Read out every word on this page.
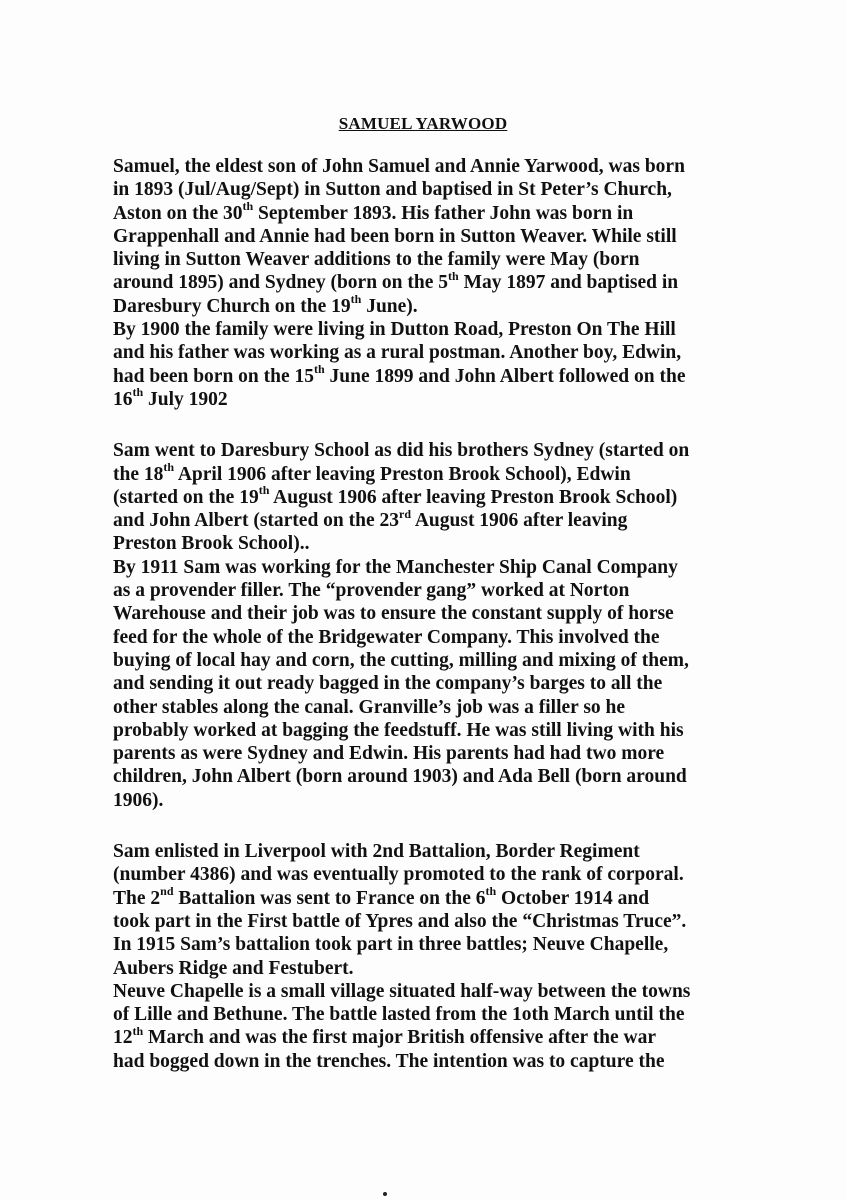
SAMUEL YARWOOD
Samuel, the eldest son of John Samuel and Annie Yarwood, was born
in 1893 (Jul/Aug/Sept) in Sutton and baptised in St Peter’s Church,
Aston on the 30th September 1893. His father John was born in
Grappenhall and Annie had been born in Sutton Weaver. While still
living in Sutton Weaver additions to the family were May (born
around 1895) and Sydney (born on the 5th May 1897 and baptised in
Daresbury Church on the 19th June).
By 1900 the family were living in Dutton Road, Preston On The Hill
and his father was working as a rural postman. Another boy, Edwin,
had been born on the 15th June 1899 and John Albert followed on the
16th July 1902
Sam went to Daresbury School as did his brothers Sydney (started on
the 18th April 1906 after leaving Preston Brook School), Edwin
(started on the 19th August 1906 after leaving Preston Brook School)
and John Albert (started on the 23rd August 1906 after leaving
Preston Brook School)..
By 1911 Sam was working for the Manchester Ship Canal Company
as a provender filler. The “provender gang” worked at Norton
Warehouse and their job was to ensure the constant supply of horse
feed for the whole of the Bridgewater Company. This involved the
buying of local hay and corn, the cutting, milling and mixing of them,
and sending it out ready bagged in the company’s barges to all the
other stables along the canal. Granville’s job was a filler so he
probably worked at bagging the feedstuff. He was still living with his
parents as were Sydney and Edwin. His parents had had two more
children, John Albert (born around 1903) and Ada Bell (born around
1906).
Sam enlisted in Liverpool with 2nd Battalion, Border Regiment
(number 4386) and was eventually promoted to the rank of corporal.
The 2nd Battalion was sent to France on the 6th October 1914 and
took part in the First battle of Ypres and also the “Christmas Truce”.
In 1915 Sam’s battalion took part in three battles; Neuve Chapelle,
Aubers Ridge and Festubert.
Neuve Chapelle is a small village situated half-way between the towns
of Lille and Bethune. The battle lasted from the 1oth March until the
12th March and was the first major British offensive after the war
had bogged down in the trenches. The intention was to capture the
